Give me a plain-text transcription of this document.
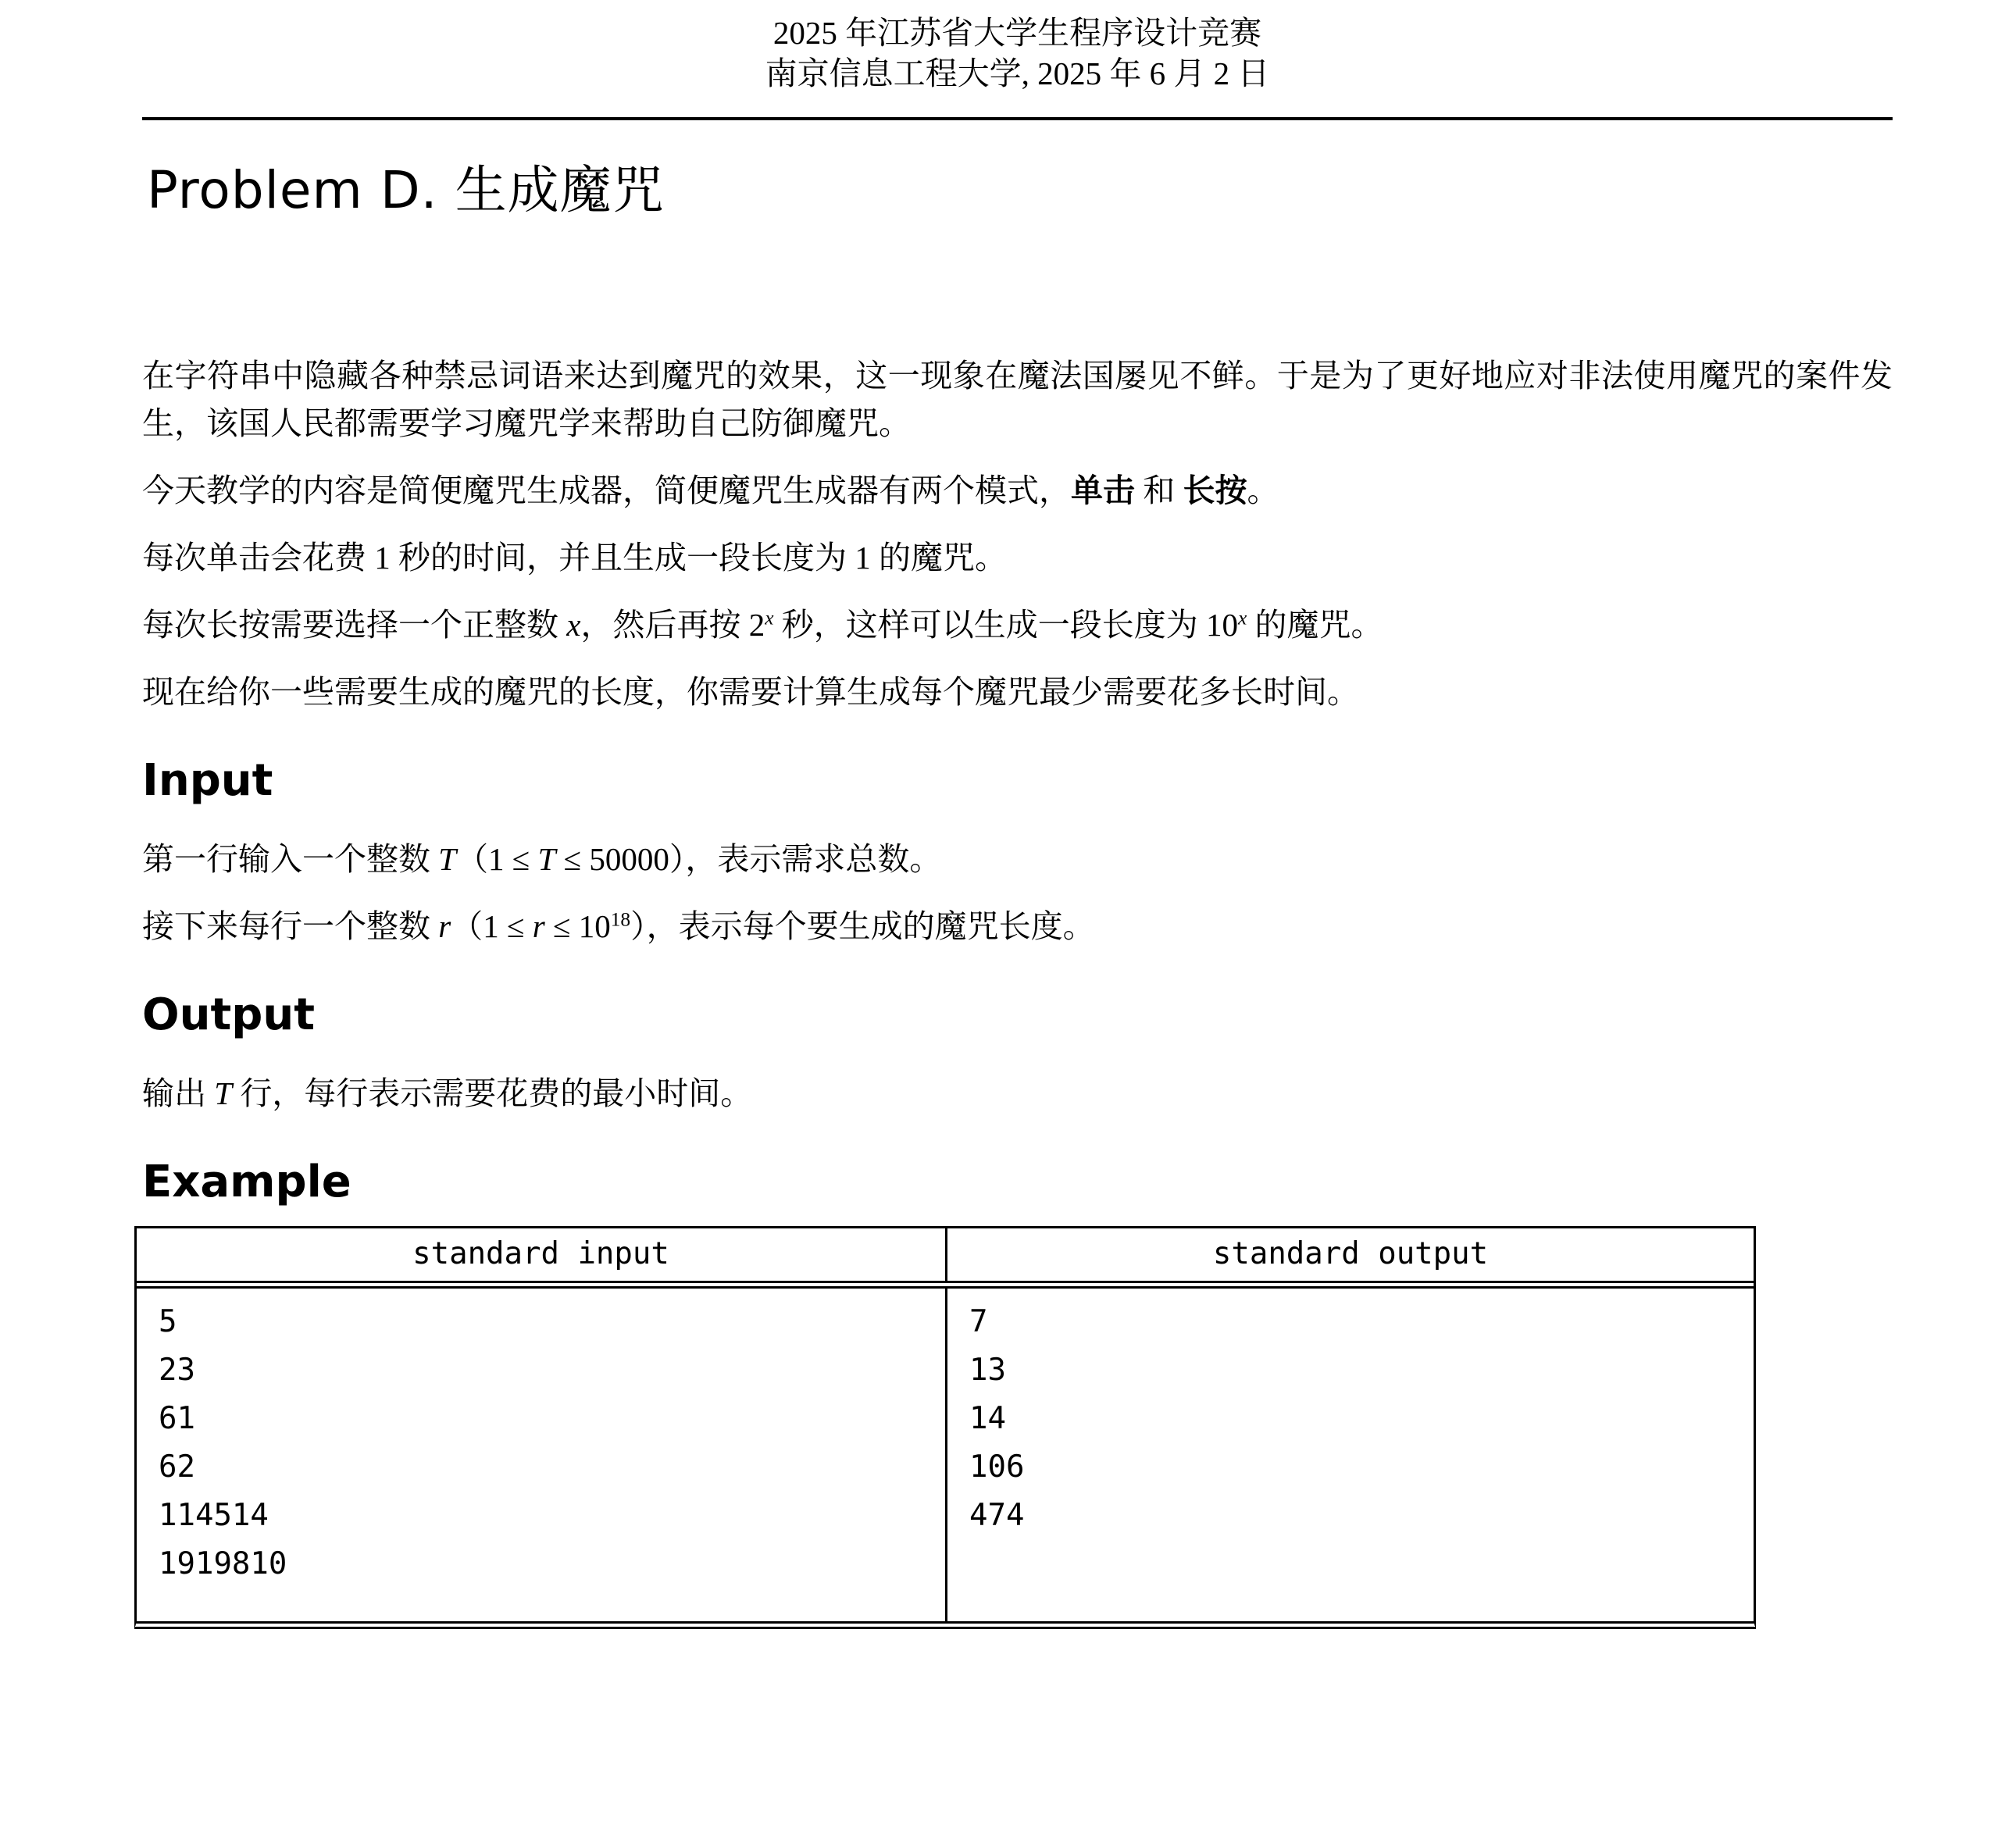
2025 年江苏省大学生程序设计竞赛
南京信息工程大学, 2025 年 6 月 2 日
Problem D. 生成魔咒

在字符串中隐藏各种禁忌词语来达到魔咒的效果，这一现象在魔法国屡见不鲜。于是为了更好地应对非法使用魔咒的案件发生，该国人民都需要学习魔咒学来帮助自己防御魔咒。

今天教学的内容是简便魔咒生成器，简便魔咒生成器有两个模式，单击 和 长按。

每次单击会花费 1 秒的时间，并且生成一段长度为 1 的魔咒。

每次长按需要选择一个正整数 x，然后再按 2$^x$ 秒，这样可以生成一段长度为 10$^x$ 的魔咒。

现在给你一些需要生成的魔咒的长度，你需要计算生成每个魔咒最少需要花多长时间。

Input

第一行输入一个整数 T（1 ≤ T ≤ 50000），表示需求总数。

接下来每行一个整数 $r(1 \le r \le 10^{18})$，表示每个要生成的魔咒长度。

Output

输出 T 行，每行表示需要花费的最小时间。

Example
standard input	standard output
5
23
61
62
114514
1919810
7
13
14
106
474
